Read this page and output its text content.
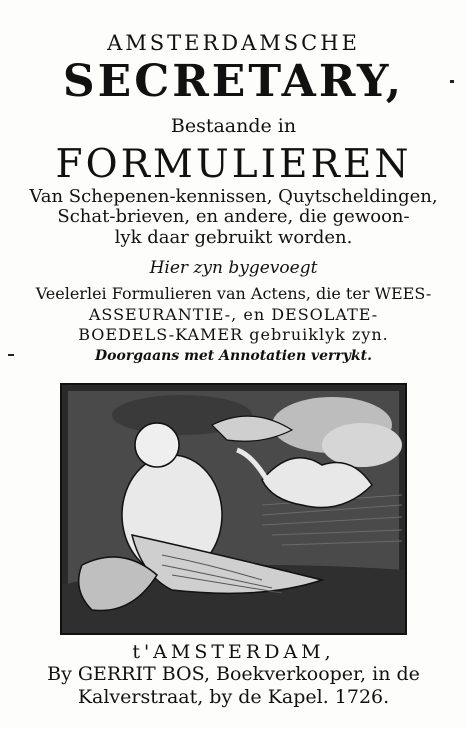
AMSTERDAMSCHE
SECRETARY,
Bestaande in
FORMULIEREN
Van Schepenen-kennissen, Quytscheldingen,
Schat-brieven, en andere, die gewoon-
lyk daar gebruikt worden.
Hier zyn bygevoegt
Veelerlei Formulieren van Actens, die ter WEES-
ASSEURANTIE-, en DESOLATE-
BOEDELS-KAMER gebruiklyk zyn.
Doorgaans met Annotatien verrykt.
t'AMSTERDAM,
By GERRIT BOS, Boekverkooper, in de
Kalverstraat, by de Kapel. 1726.
